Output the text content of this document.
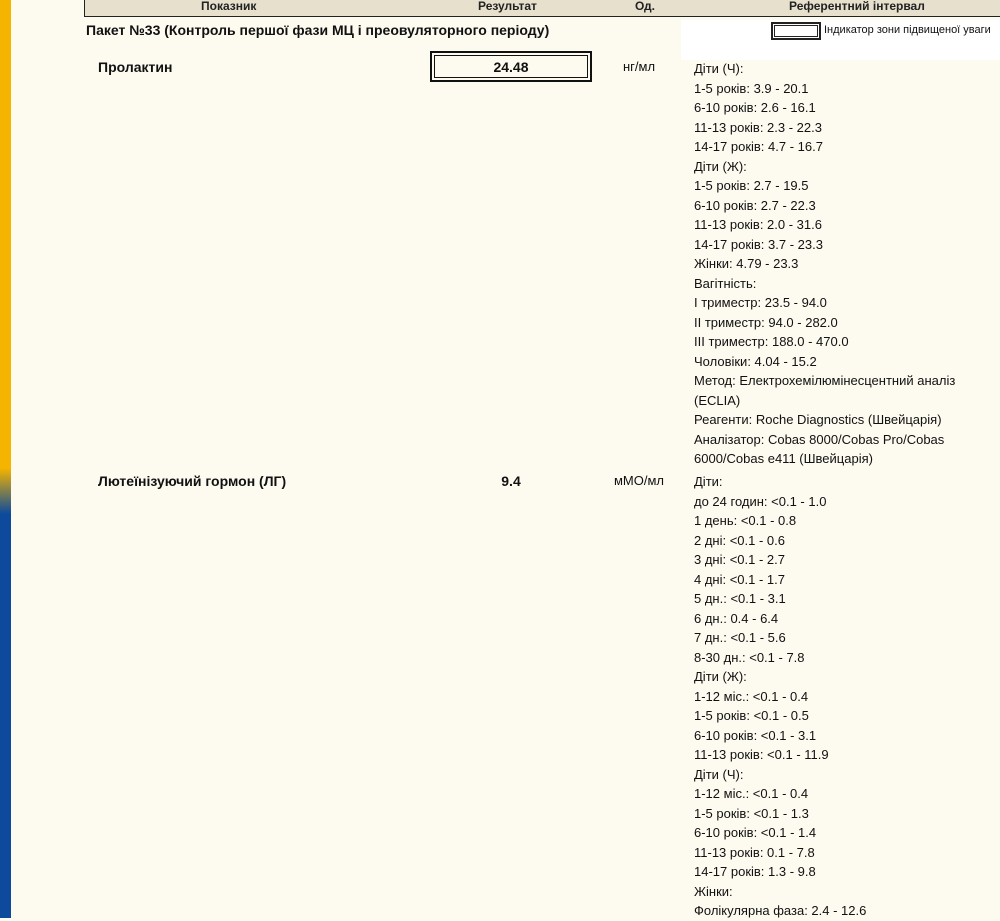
Показник	Результат	Од.	Референтний інтервал
Пакет №33 (Контроль першої фази МЦ і преовуляторного періоду)	Індикатор зони підвищеної уваги
Пролактин	24.48	нг/мл	Діти (Ч):
1-5 років: 3.9 - 20.1
6-10 років: 2.6 - 16.1
11-13 років: 2.3 - 22.3
14-17 років: 4.7 - 16.7
Діти (Ж):
1-5 років: 2.7 - 19.5
6-10 років: 2.7 - 22.3
11-13 років: 2.0 - 31.6
14-17 років: 3.7 - 23.3
Жінки: 4.79 - 23.3
Вагітність:
І триместр: 23.5 - 94.0
ІІ триместр: 94.0 - 282.0
ІІІ триместр: 188.0 - 470.0
Чоловіки: 4.04 - 15.2
Метод: Електрохемілюмінесцентний аналіз
(ECLIA)
Реагенти: Roche Diagnostics (Швейцарія)
Аналізатор: Cobas 8000/Cobas Pro/Cobas
6000/Cobas e411 (Швейцарія)
Лютеїнізуючий гормон (ЛГ)	9.4	мМО/мл	Діти:
до 24 годин: <0.1 - 1.0
1 день: <0.1 - 0.8
2 дні: <0.1 - 0.6
3 дні: <0.1 - 2.7
4 дні: <0.1 - 1.7
5 дн.: <0.1 - 3.1
6 дн.: 0.4 - 6.4
7 дн.: <0.1 - 5.6
8-30 дн.: <0.1 - 7.8
Діти (Ж):
1-12 міс.: <0.1 - 0.4
1-5 років: <0.1 - 0.5
6-10 років: <0.1 - 3.1
11-13 років: <0.1 - 11.9
Діти (Ч):
1-12 міс.: <0.1 - 0.4
1-5 років: <0.1 - 1.3
6-10 років: <0.1 - 1.4
11-13 років: 0.1 - 7.8
14-17 років: 1.3 - 9.8
Жінки:
Фолікулярна фаза: 2.4 - 12.6
